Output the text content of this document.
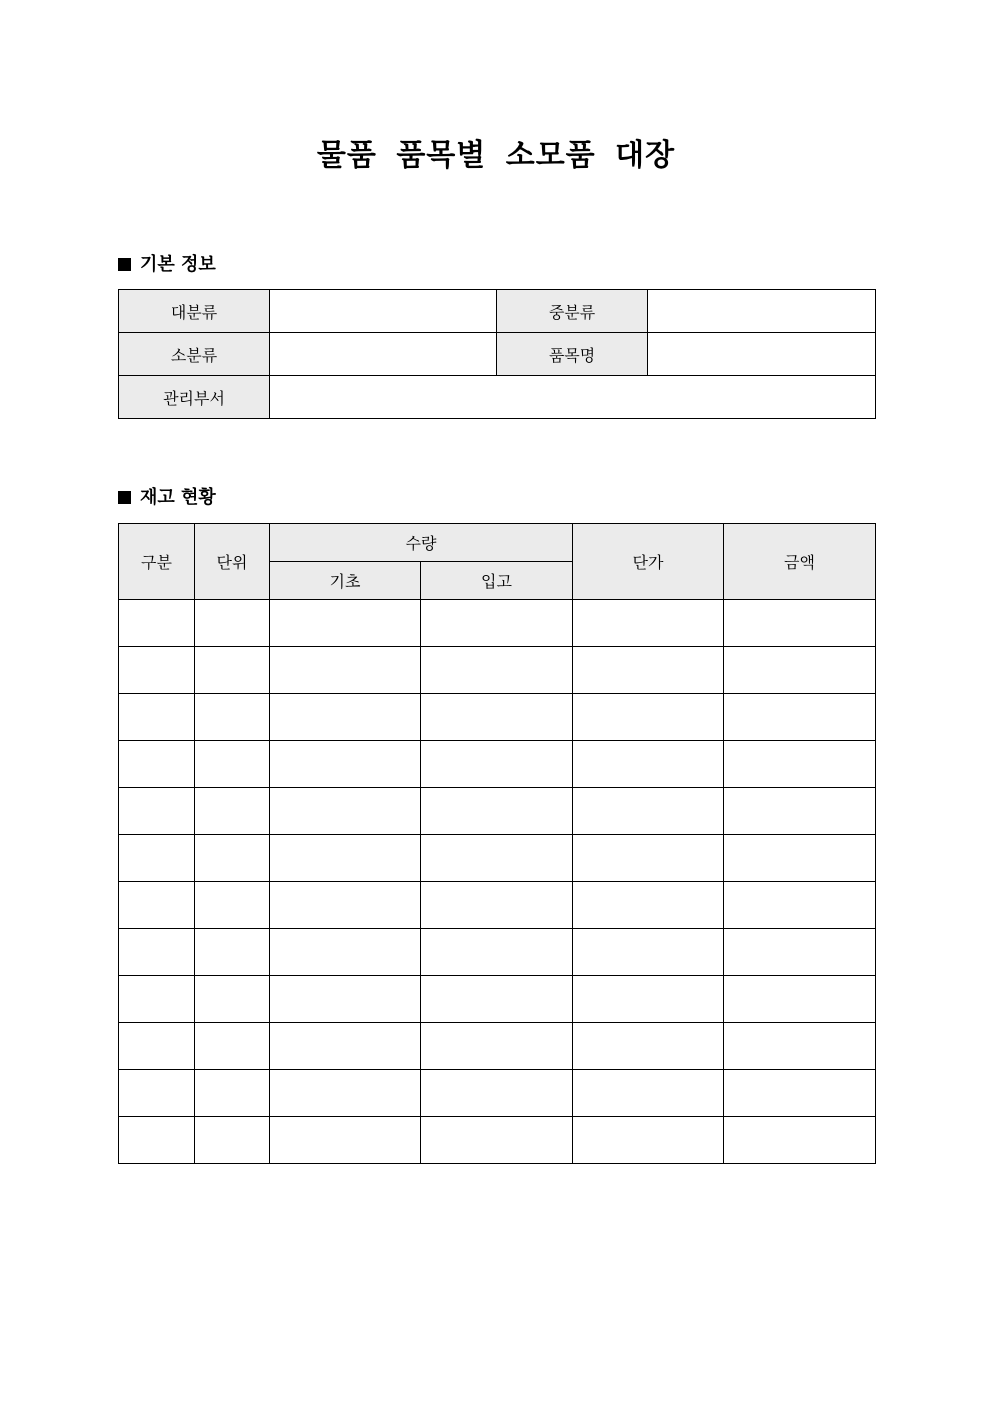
물품 품목별 소모품 대장
기본 정보
대분류		중분류	
소분류		품목명	
관리부서			
재고 현황
구분	단위	수량		단가	금액
		기초	입고		
